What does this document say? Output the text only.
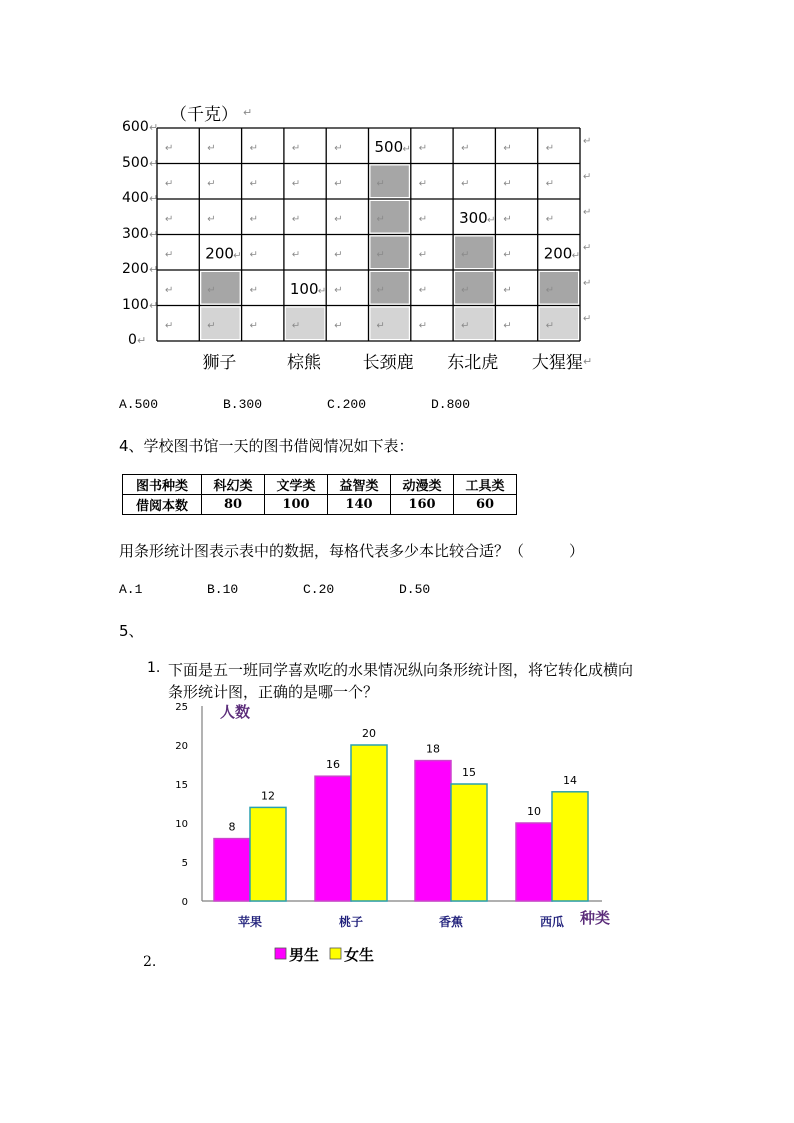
（千克） ↵
600 ↵
500 ↵
400 ↵
300 ↵
200 ↵
100 ↵
0 ↵
↵	↵	↵	↵	↵ 500 ↵ ↵	↵	↵	↵
↵
↵	↵	↵	↵	↵	↵	↵	↵	↵	↵
↵
↵	↵	↵	↵	↵	↵	↵ 300 ↵ ↵	↵
↵
↵ 200 ↵ ↵	↵	↵	↵	↵	↵	↵ 200 ↵
↵
↵	↵	↵ 100 ↵ ↵	↵	↵	↵	↵	↵
↵
↵	↵	↵	↵	↵	↵	↵	↵	↵	↵
↵
狮子	棕熊 长颈鹿 东北虎 大猩猩 ↵
A.500	B.300	C.200	D.800
4、学校图书馆一天的图书借阅情况如下表：
图书种类	科幻类	文学类	益智类	动漫类	工具类
借阅本数	80	100	140	160	60
用条形统计图表示表中的数据，每格代表多少本比较合适？（　　　）
A.1	B.10	C.20	D.50
5、
1. 下面是五一班同学喜欢吃的水果情况纵向条形统计图，将它转化成横向
条形统计图，正确的是哪一个？
25
20
15
10
5
0
8
16
18
10
12
20
15
14
苹果	桃子	香蕉	西瓜
人数
种类
男生 女生
2.
